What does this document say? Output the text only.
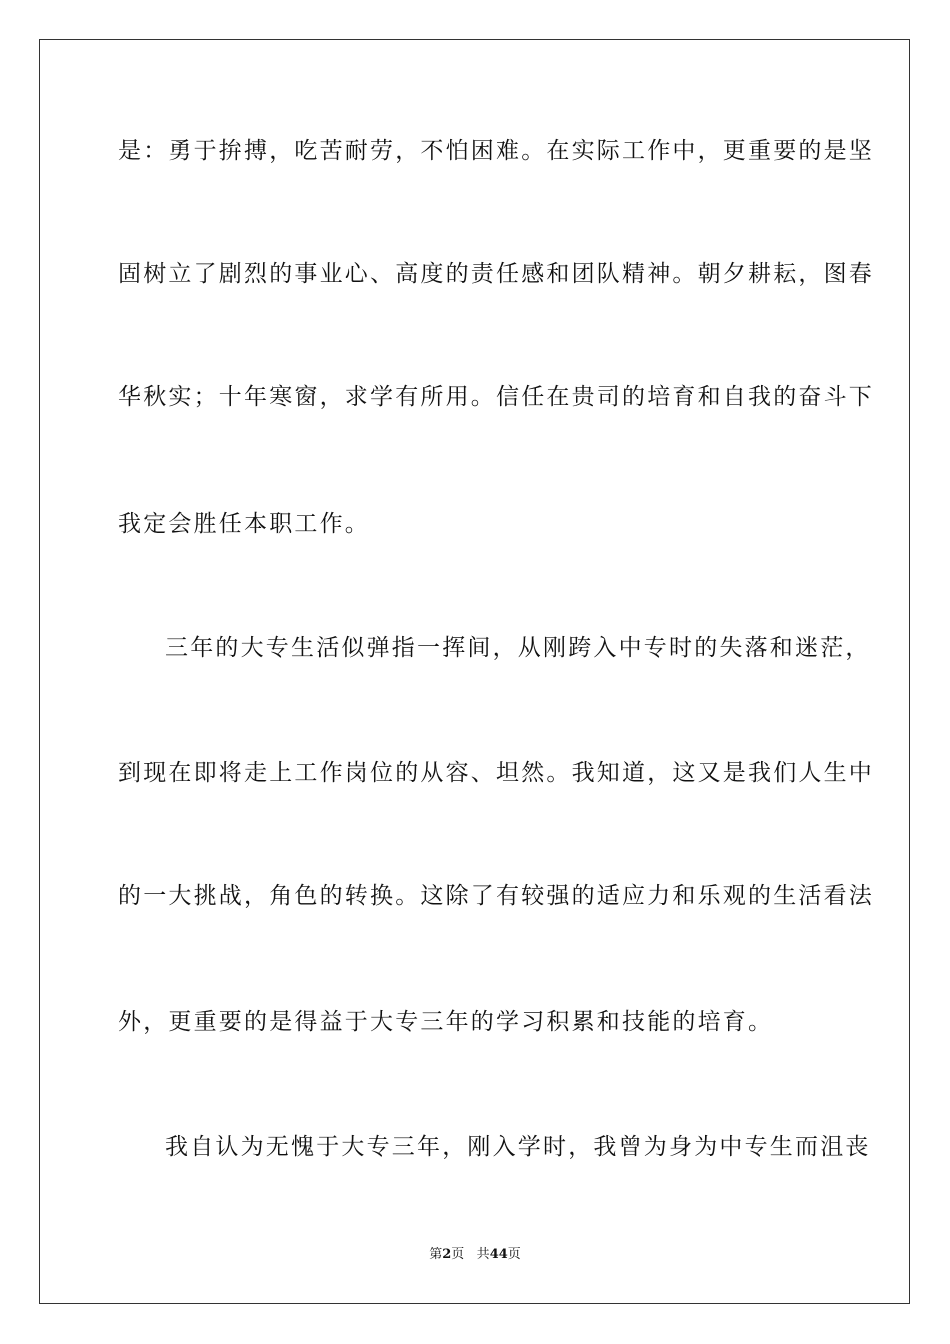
是：勇于拚搏，吃苦耐劳，不怕困难。在实际工作中，更重要的是坚
固树立了剧烈的事业心、高度的责任感和团队精神。朝夕耕耘，图春
华秋实；十年寒窗，求学有所用。信任在贵司的培育和自我的奋斗下
我定会胜任本职工作。
三年的大专生活似弹指一挥间，从刚跨入中专时的失落和迷茫，
到现在即将走上工作岗位的从容、坦然。我知道，这又是我们人生中
的一大挑战，角色的转换。这除了有较强的适应力和乐观的生活看法
外，更重要的是得益于大专三年的学习积累和技能的培育。
我自认为无愧于大专三年，刚入学时，我曾为身为中专生而沮丧
第2页 共44页
